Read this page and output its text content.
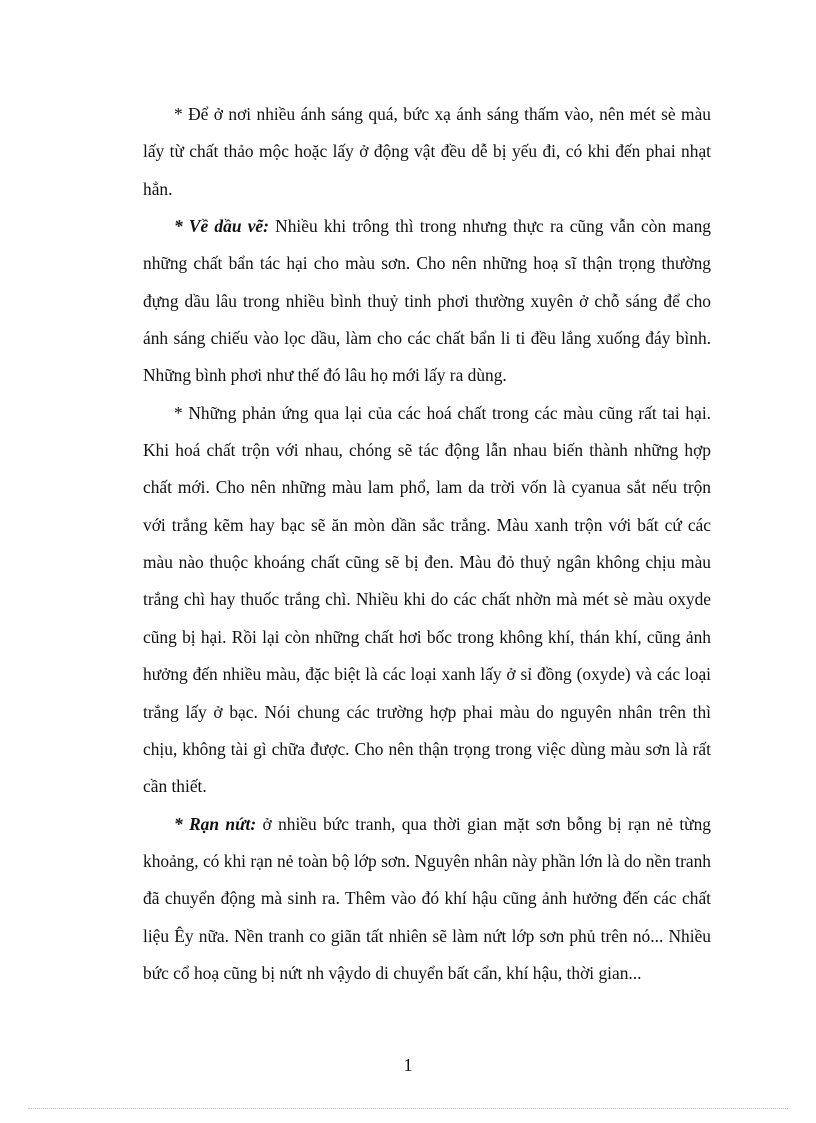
* Để ở nơi nhiều ánh sáng quá, bức xạ ánh sáng thấm vào, nên mét sè màu lấy từ chất thảo mộc hoặc lấy ở động vật đều dễ bị yếu đi, có khi đến phai nhạt hẳn.

* Về dầu vẽ: Nhiều khi trông thì trong nhưng thực ra cũng vẫn còn mang những chất bẩn tác hại cho màu sơn. Cho nên những hoạ sĩ thận trọng thường đựng dầu lâu trong nhiều bình thuỷ tinh phơi thường xuyên ở chỗ sáng để cho ánh sáng chiếu vào lọc dầu, làm cho các chất bẩn li ti đều lắng xuống đáy bình. Những bình phơi như thế đó lâu họ mới lấy ra dùng.

* Những phản ứng qua lại của các hoá chất trong các màu cũng rất tai hại. Khi hoá chất trộn với nhau, chóng sẽ tác động lẫn nhau biến thành những hợp chất mới. Cho nên những màu lam phổ, lam da trời vốn là cyanua sắt nếu trộn với trắng kẽm hay bạc sẽ ăn mòn dần sắc trắng. Màu xanh trộn với bất cứ các màu nào thuộc khoáng chất cũng sẽ bị đen. Màu đỏ thuỷ ngân không chịu màu trắng chì hay thuốc trắng chì. Nhiều khi do các chất nhờn mà mét sè màu oxyde cũng bị hại. Rồi lại còn những chất hơi bốc trong không khí, thán khí, cũng ảnh hưởng đến nhiều màu, đặc biệt là các loại xanh lấy ở sỉ đồng (oxyde) và các loại trắng lấy ở bạc. Nói chung các trường hợp phai màu do nguyên nhân trên thì chịu, không tài gì chữa được. Cho nên thận trọng trong việc dùng màu sơn là rất cần thiết.

* Rạn nứt: ở nhiều bức tranh, qua thời gian mặt sơn bỗng bị rạn nẻ từng khoảng, có khi rạn nẻ toàn bộ lớp sơn. Nguyên nhân này phần lớn là do nền tranh đã chuyển động mà sinh ra. Thêm vào đó khí hậu cũng ảnh hưởng đến các chất liệu Êy nữa. Nền tranh co giãn tất nhiên sẽ làm nứt lớp sơn phủ trên nó... Nhiều bức cổ hoạ cũng bị nứt nh vậydo di chuyển bất cẩn, khí hậu, thời gian...

1
